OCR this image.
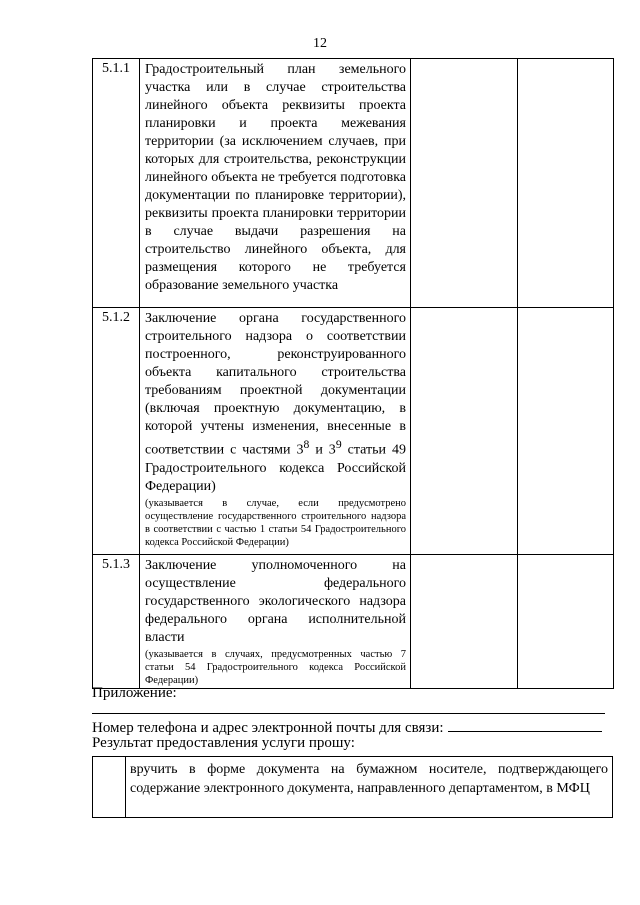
12
5.1.1	Градостроительный план земельного участка или в случае строительства линейного объекта реквизиты проекта планировки и проекта межевания территории (за исключением случаев, при которых для строительства, реконструкции линейного объекта не требуется подготовка документации по планировке территории), реквизиты проекта планировки территории в случае выдачи разрешения на строительство линейного объекта, для размещения которого не требуется образование земельного участка		

5.1.2	Заключение органа государственного строительного надзора о соответствии построенного, реконструированного объекта капитального строительства требованиям проектной документации (включая проектную документацию, в которой учтены изменения, внесенные в соответствии с частями $3^8$ и $3^9$ статьи 49 Градостроительного кодекса Российской Федерации)
(указывается в случае, если предусмотрено осуществление государственного строительного надзора в соответствии с частью 1 статьи 54 Градостроительного кодекса Российской Федерации)		

5.1.3	Заключение уполномоченного на осуществление федерального государственного экологического надзора федерального органа исполнительной власти
(указывается в случаях, предусмотренных частью 7 статьи 54 Градостроительного кодекса Российской Федерации)		

Приложение:
Номер телефона и адрес электронной почты для связи:
Результат предоставления услуги прошу:
	вручить в форме документа на бумажном носителе, подтверждающего содержание электронного документа, направленного департаментом, в МФЦ
